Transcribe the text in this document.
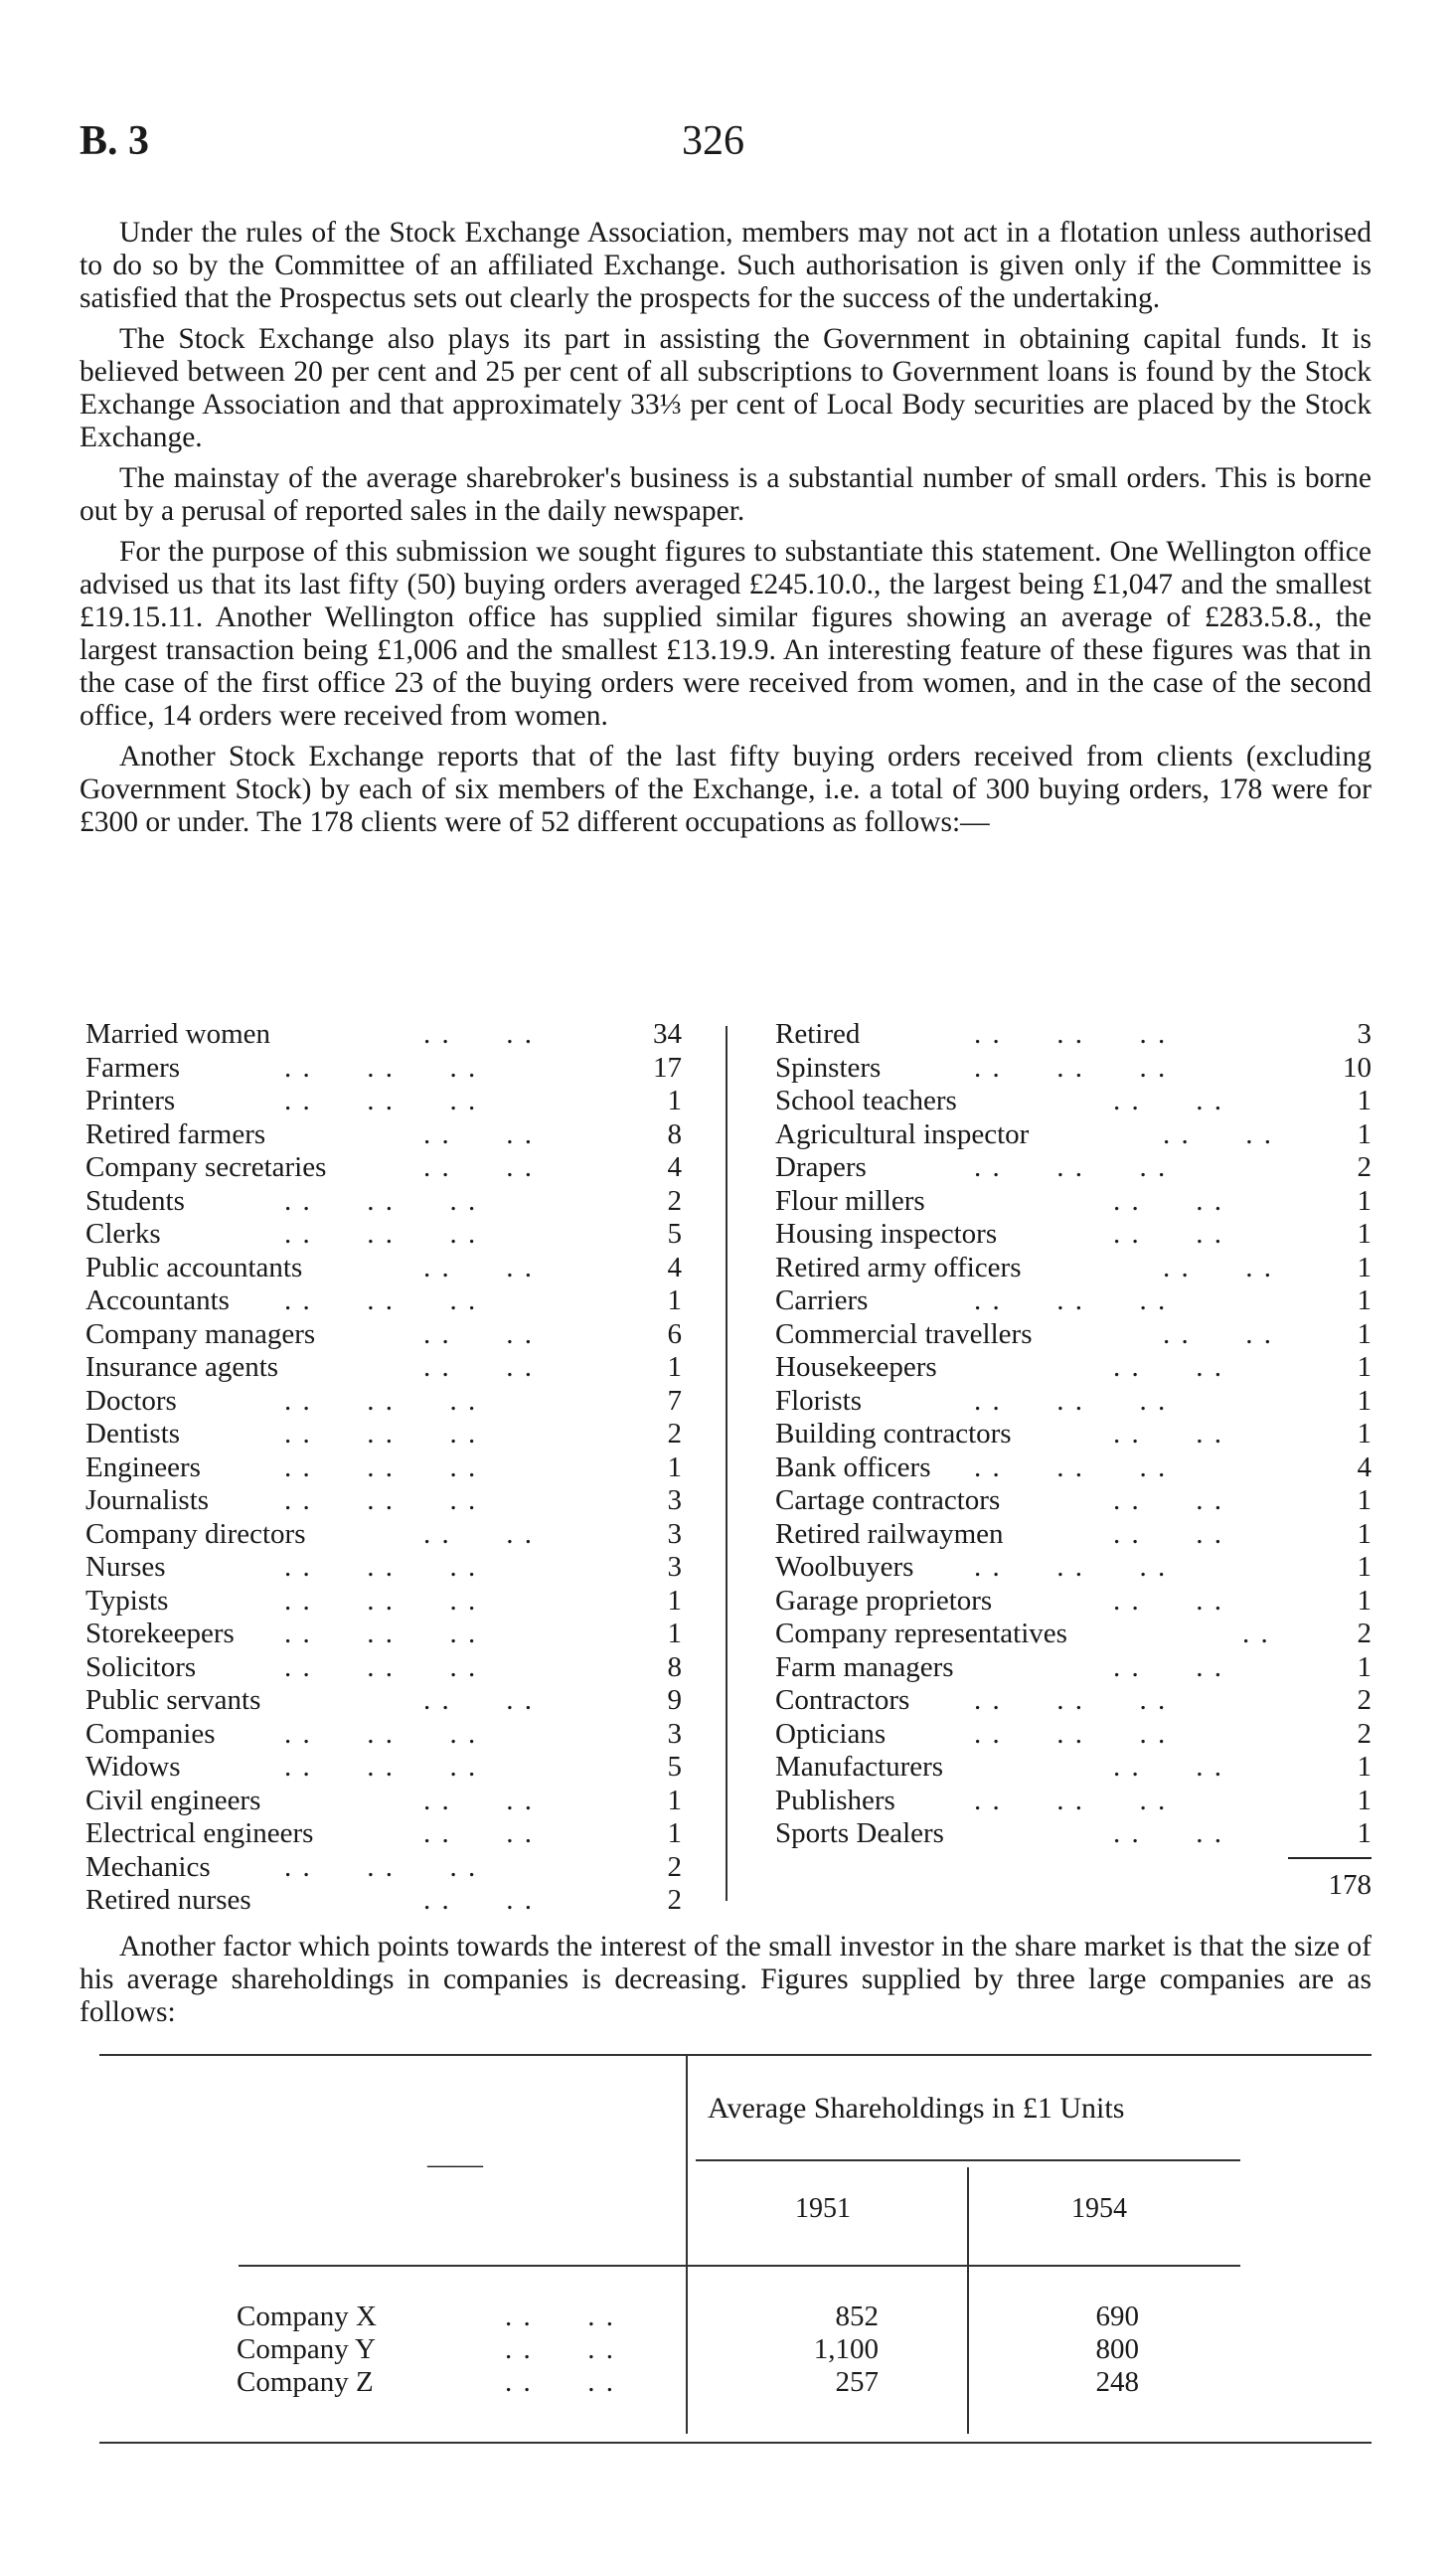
B. 3	326

Under the rules of the Stock Exchange Association, members may not act in a flotation unless authorised to do so by the Committee of an affiliated Exchange. Such authorisation is given only if the Committee is satisfied that the Prospectus sets out clearly the prospects for the success of the undertaking.

The Stock Exchange also plays its part in assisting the Government in obtaining capital funds. It is believed between 20 per cent and 25 per cent of all subscriptions to Government loans is found by the Stock Exchange Association and that approximately 33⅓ per cent of Local Body securities are placed by the Stock Exchange.

The mainstay of the average sharebroker's business is a substantial number of small orders. This is borne out by a perusal of reported sales in the daily newspaper.

For the purpose of this submission we sought figures to substantiate this statement. One Wellington office advised us that its last fifty (50) buying orders averaged £245.10.0., the largest being £1,047 and the smallest £19.15.11. Another Wellington office has supplied similar figures showing an average of £283.5.8., the largest transaction being £1,006 and the smallest £13.19.9. An interesting feature of these figures was that in the case of the first office 23 of the buying orders were received from women, and in the case of the second office, 14 orders were received from women.

Another Stock Exchange reports that of the last fifty buying orders received from clients (excluding Government Stock) by each of six members of the Exchange, i.e. a total of 300 buying orders, 178 were for £300 or under. The 178 clients were of 52 different occupations as follows:—

Married women	. .      . .	34
Farmers	. .      . .      . .	17
Printers	. .      . .      . .	1
Retired farmers	. .      . .	8
Company secretaries	. .      . .	4
Students	. .      . .      . .	2
Clerks	. .      . .      . .	5
Public accountants	. .      . .	4
Accountants . .      . .      . .	1
Company managers	. .      . .	6
Insurance agents	. .      . .	1
Doctors	. .      . .      . .	7
Dentists	. .      . .      . .	2
Engineers	. .      . .      . .	1
Journalists	. .      . .      . .	3
Company directors	. .      . .	3
Nurses	. .      . .      . .	3
Typists	. .      . .      . .	1
Storekeepers . .      . .      . .	1
Solicitors	. .      . .      . .	8
Public servants	. .      . .	9
Companies . .      . .      . .	3
Widows	. .      . .      . .	5
Civil engineers	. .      . .	1
Electrical engineers	. .      . .	1
Mechanics	. .      . .      . .	2
Retired nurses	. .      . .	2
Retired	. .      . .      . .	3
Spinsters	. .      . .      . .	10
School teachers	. .      . .	1
Agricultural inspector	. .      . .	1
Drapers	. .      . .      . .	2
Flour millers	. .      . .	1
Housing inspectors	. .      . .	1
Retired army officers	. .      . .	1
Carriers	. .      . .      . .	1
Commercial travellers	. .      . .	1
Housekeepers	. .      . .	1
Florists	. .      . .      . .	1
Building contractors	. .      . .	1
Bank officers . .      . .      . .	4
Cartage contractors	. .      . .	1
Retired railwaymen	. .      . .	1
Woolbuyers . .      . .      . .	1
Garage proprietors	. .      . .	1
Company representatives	. .	2
Farm managers	. .      . .	1
Contractors . .      . .      . .	2
Opticians	. .      . .      . .	2
Manufacturers	. .      . .	1
Publishers	. .      . .      . .	1
Sports Dealers	. .      . .	1
178

Another factor which points towards the interest of the small investor in the share market is that the size of his average shareholdings in companies is decreasing. Figures supplied by three large companies are as follows:

——
Average Shareholdings in £1 Units
1951	1954
Company X	. .      . .	852	690
Company Y	. .      . .	1,100	800
Company Z	. .      . .	257	248
